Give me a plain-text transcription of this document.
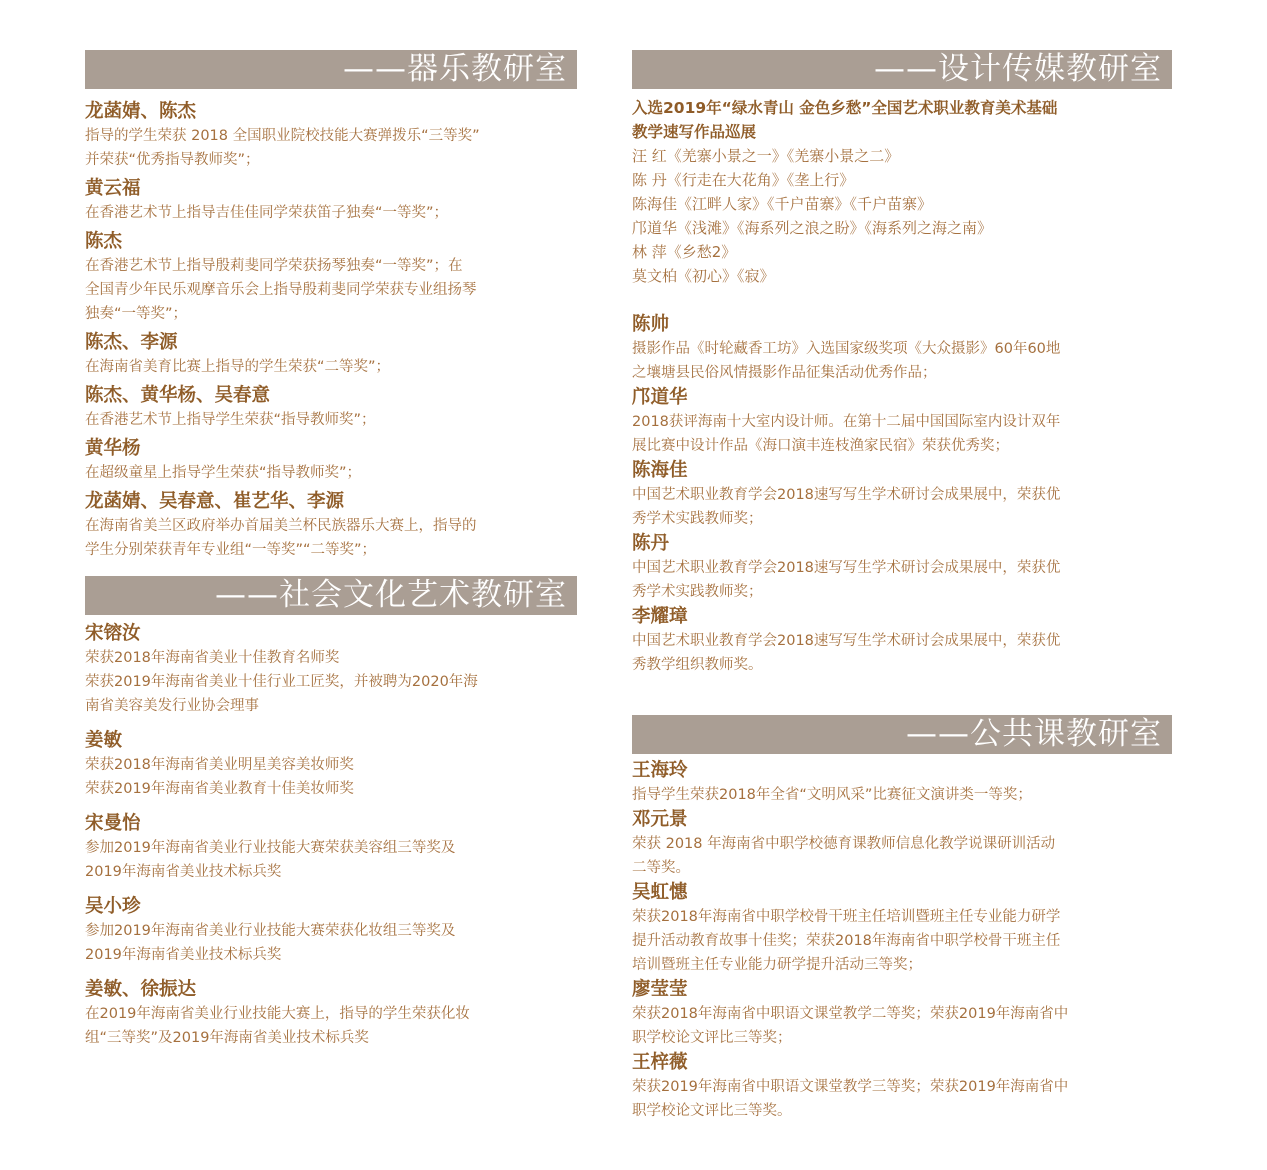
——器乐教研室
龙菡婧、陈杰
指导的学生荣获 2018 全国职业院校技能大赛弹拨乐“三等奖”
并荣获“优秀指导教师奖”；
黄云福
在香港艺术节上指导吉佳佳同学荣获笛子独奏“一等奖”；
陈杰
在香港艺术节上指导殷莉斐同学荣获扬琴独奏“一等奖”；在
全国青少年民乐观摩音乐会上指导殷莉斐同学荣获专业组扬琴
独奏“一等奖”；
陈杰、李源
在海南省美育比赛上指导的学生荣获“二等奖”；
陈杰、黄华杨、吴春意
在香港艺术节上指导学生荣获“指导教师奖”；
黄华杨
在超级童星上指导学生荣获“指导教师奖”；
龙菡婧、吴春意、崔艺华、李源
在海南省美兰区政府举办首届美兰杯民族器乐大赛上，指导的
学生分别荣获青年专业组“一等奖”“二等奖”；
——社会文化艺术教研室
宋镕汝
荣获2018年海南省美业十佳教育名师奖
荣获2019年海南省美业十佳行业工匠奖，并被聘为2020年海
南省美容美发行业协会理事
姜敏
荣获2018年海南省美业明星美容美妆师奖
荣获2019年海南省美业教育十佳美妆师奖
宋曼怡
参加2019年海南省美业行业技能大赛荣获美容组三等奖及
2019年海南省美业技术标兵奖
吴小珍
参加2019年海南省美业行业技能大赛荣获化妆组三等奖及
2019年海南省美业技术标兵奖
姜敏、徐振达
在2019年海南省美业行业技能大赛上，指导的学生荣获化妆
组“三等奖”及2019年海南省美业技术标兵奖
——设计传媒教研室
入选2019年“绿水青山 金色乡愁”全国艺术职业教育美术基础
教学速写作品巡展
汪 红《羌寨小景之一》《羌寨小景之二》
陈 丹《行走在大花角》《垄上行》
陈海佳《江畔人家》《千户苗寨》《千户苗寨》
邝道华《浅滩》《海系列之浪之盼》《海系列之海之南》
林 萍《乡愁2》
莫文柏《初心》《寂》
陈帅
摄影作品《时轮藏香工坊》入选国家级奖项《大众摄影》60年60地
之壤塘县民俗风情摄影作品征集活动优秀作品；
邝道华
2018获评海南十大室内设计师。在第十二届中国国际室内设计双年
展比赛中设计作品《海口演丰连枝渔家民宿》荣获优秀奖；
陈海佳
中国艺术职业教育学会2018速写写生学术研讨会成果展中，荣获优
秀学术实践教师奖；
陈丹
中国艺术职业教育学会2018速写写生学术研讨会成果展中，荣获优
秀学术实践教师奖；
李耀璋
中国艺术职业教育学会2018速写写生学术研讨会成果展中，荣获优
秀教学组织教师奖。
——公共课教研室
王海玲
指导学生荣获2018年全省“文明风采”比赛征文演讲类一等奖；
邓元景
荣获 2018 年海南省中职学校德育课教师信息化教学说课研训活动
二等奖。
吴虹憓
荣获2018年海南省中职学校骨干班主任培训暨班主任专业能力研学
提升活动教育故事十佳奖；荣获2018年海南省中职学校骨干班主任
培训暨班主任专业能力研学提升活动三等奖；
廖莹莹
荣获2018年海南省中职语文课堂教学二等奖；荣获2019年海南省中
职学校论文评比三等奖；
王梓薇
荣获2019年海南省中职语文课堂教学三等奖；荣获2019年海南省中
职学校论文评比三等奖。
